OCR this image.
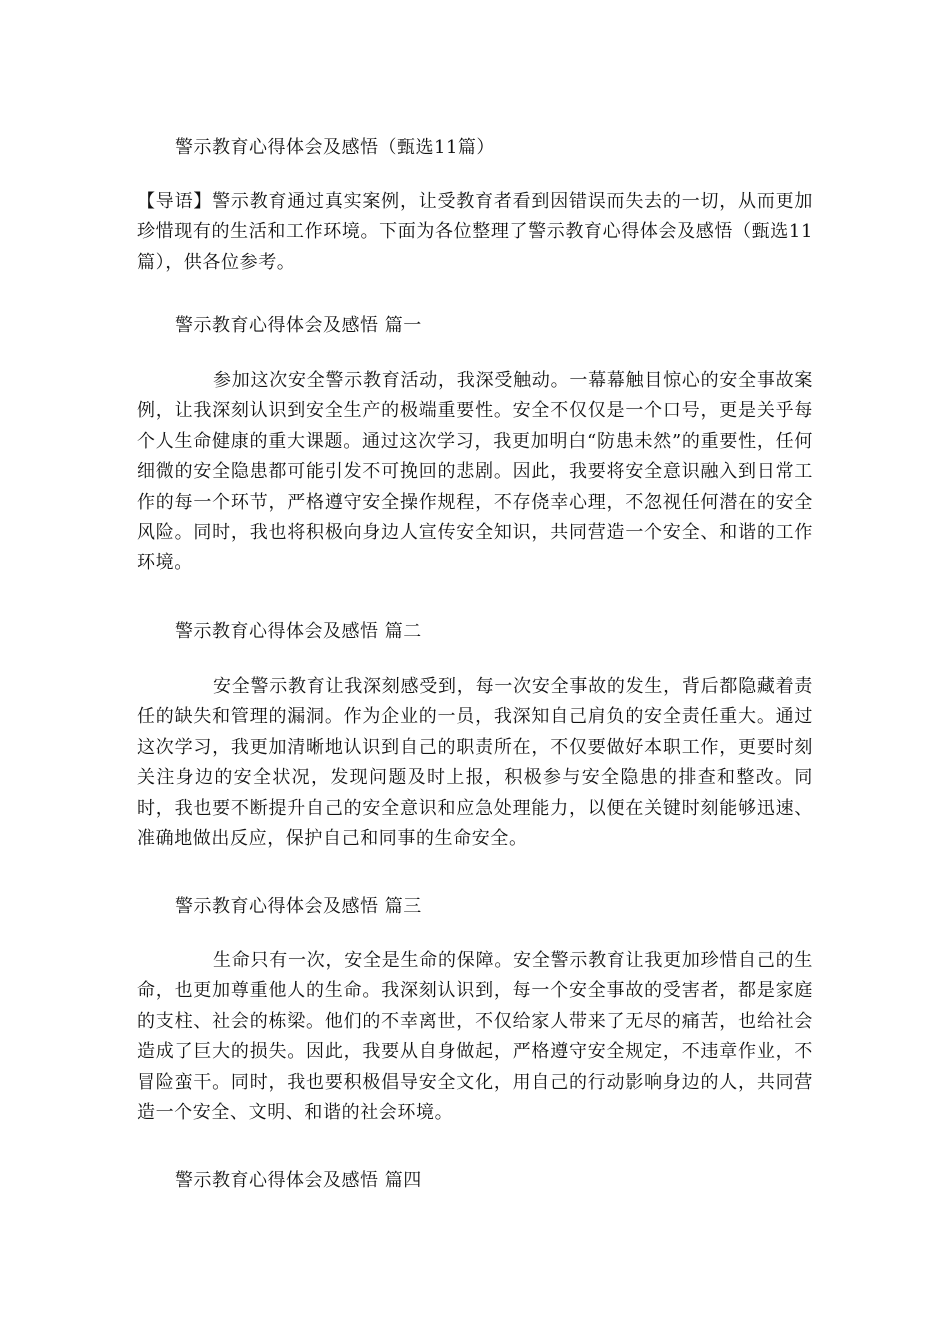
警示教育心得体会及感悟（甄选11篇）

【导语】警示教育通过真实案例，让受教育者看到因错误而失去的一切，从而更加珍惜现有的生活和工作环境。下面为各位整理了警示教育心得体会及感悟（甄选11篇），供各位参考。

警示教育心得体会及感悟 篇一

参加这次安全警示教育活动，我深受触动。一幕幕触目惊心的安全事故案例，让我深刻认识到安全生产的极端重要性。安全不仅仅是一个口号，更是关乎每个人生命健康的重大课题。通过这次学习，我更加明白“防患未然”的重要性，任何细微的安全隐患都可能引发不可挽回的悲剧。因此，我要将安全意识融入到日常工作的每一个环节，严格遵守安全操作规程，不存侥幸心理，不忽视任何潜在的安全风险。同时，我也将积极向身边人宣传安全知识，共同营造一个安全、和谐的工作环境。

警示教育心得体会及感悟 篇二

安全警示教育让我深刻感受到，每一次安全事故的发生，背后都隐藏着责任的缺失和管理的漏洞。作为企业的一员，我深知自己肩负的安全责任重大。通过这次学习，我更加清晰地认识到自己的职责所在，不仅要做好本职工作，更要时刻关注身边的安全状况，发现问题及时上报，积极参与安全隐患的排查和整改。同时，我也要不断提升自己的安全意识和应急处理能力，以便在关键时刻能够迅速、准确地做出反应，保护自己和同事的生命安全。

警示教育心得体会及感悟 篇三

生命只有一次，安全是生命的保障。安全警示教育让我更加珍惜自己的生命，也更加尊重他人的生命。我深刻认识到，每一个安全事故的受害者，都是家庭的支柱、社会的栋梁。他们的不幸离世，不仅给家人带来了无尽的痛苦，也给社会造成了巨大的损失。因此，我要从自身做起，严格遵守安全规定，不违章作业，不冒险蛮干。同时，我也要积极倡导安全文化，用自己的行动影响身边的人，共同营造一个安全、文明、和谐的社会环境。

警示教育心得体会及感悟 篇四
